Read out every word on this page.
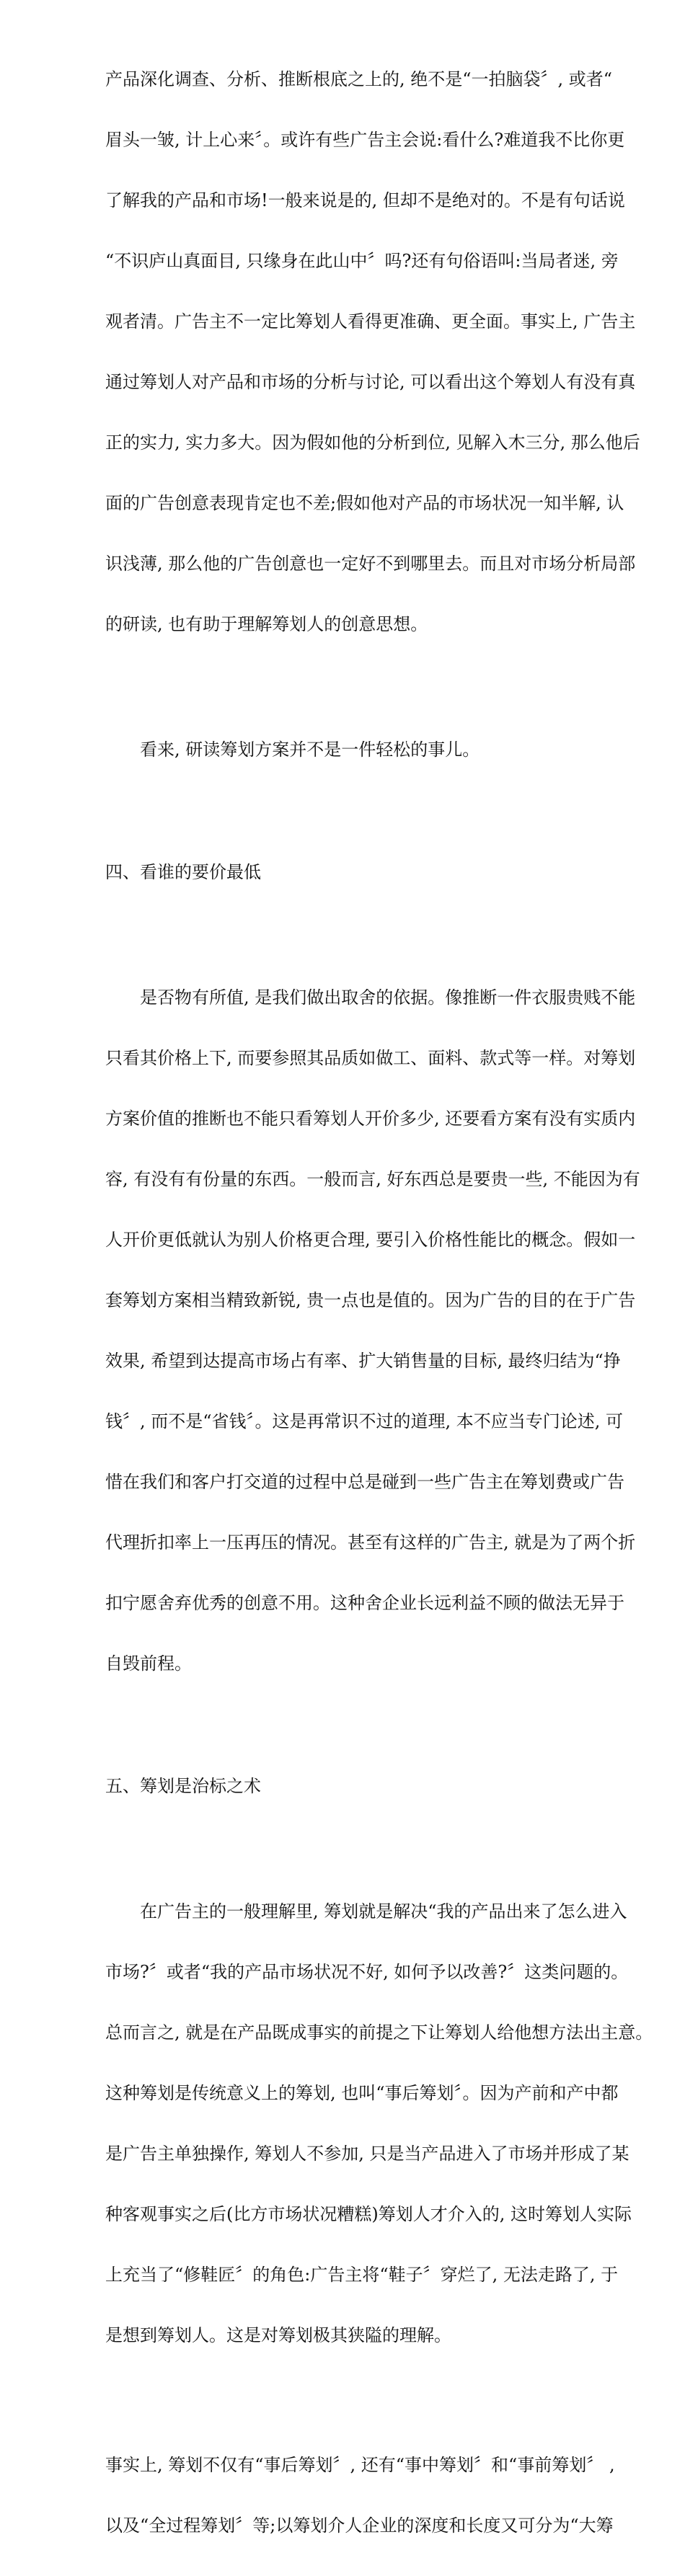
产品深化调查、分析、推断根底之上的, 绝不是“一拍脑袋〞, 或者“

眉头一皱, 计上心来〞。或许有些广告主会说:看什么?难道我不比你更

了解我的产品和市场!一般来说是的, 但却不是绝对的。不是有句话说

“不识庐山真面目, 只缘身在此山中〞吗?还有句俗语叫:当局者迷, 旁

观者清。广告主不一定比筹划人看得更准确、更全面。事实上, 广告主

通过筹划人对产品和市场的分析与讨论, 可以看出这个筹划人有没有真

正的实力, 实力多大。因为假如他的分析到位, 见解入木三分, 那么他后

面的广告创意表现肯定也不差;假如他对产品的市场状况一知半解, 认

识浅薄, 那么他的广告创意也一定好不到哪里去。而且对市场分析局部

的研读, 也有助于理解筹划人的创意思想。

看来, 研读筹划方案并不是一件轻松的事儿。

四、看谁的要价最低

是否物有所值, 是我们做出取舍的依据。像推断一件衣服贵贱不能

只看其价格上下, 而要参照其品质如做工、面料、款式等一样。对筹划

方案价值的推断也不能只看筹划人开价多少, 还要看方案有没有实质内

容, 有没有有份量的东西。一般而言, 好东西总是要贵一些, 不能因为有

人开价更低就认为别人价格更合理, 要引入价格性能比的概念。假如一

套筹划方案相当精致新锐, 贵一点也是值的。因为广告的目的在于广告

效果, 希望到达提高市场占有率、扩大销售量的目标, 最终归结为“挣

钱〞, 而不是“省钱〞。这是再常识不过的道理, 本不应当专门论述, 可

惜在我们和客户打交道的过程中总是碰到一些广告主在筹划费或广告

代理折扣率上一压再压的情况。甚至有这样的广告主, 就是为了两个折

扣宁愿舍弃优秀的创意不用。这种舍企业长远利益不顾的做法无异于

自毁前程。

五、筹划是治标之术

在广告主的一般理解里, 筹划就是解决“我的产品出来了怎么进入

市场?〞或者“我的产品市场状况不好, 如何予以改善?〞这类问题的。

总而言之, 就是在产品既成事实的前提之下让筹划人给他想方法出主意。

这种筹划是传统意义上的筹划, 也叫“事后筹划〞。因为产前和产中都

是广告主单独操作, 筹划人不参加, 只是当产品进入了市场并形成了某

种客观事实之后(比方市场状况糟糕)筹划人才介入的, 这时筹划人实际

上充当了“修鞋匠〞的角色:广告主将“鞋子〞穿烂了, 无法走路了, 于

是想到筹划人。这是对筹划极其狭隘的理解。

事实上, 筹划不仅有“事后筹划〞, 还有“事中筹划〞和“事前筹划〞 ,

以及“全过程筹划〞等;以筹划介人企业的深度和长度又可分为“大筹
